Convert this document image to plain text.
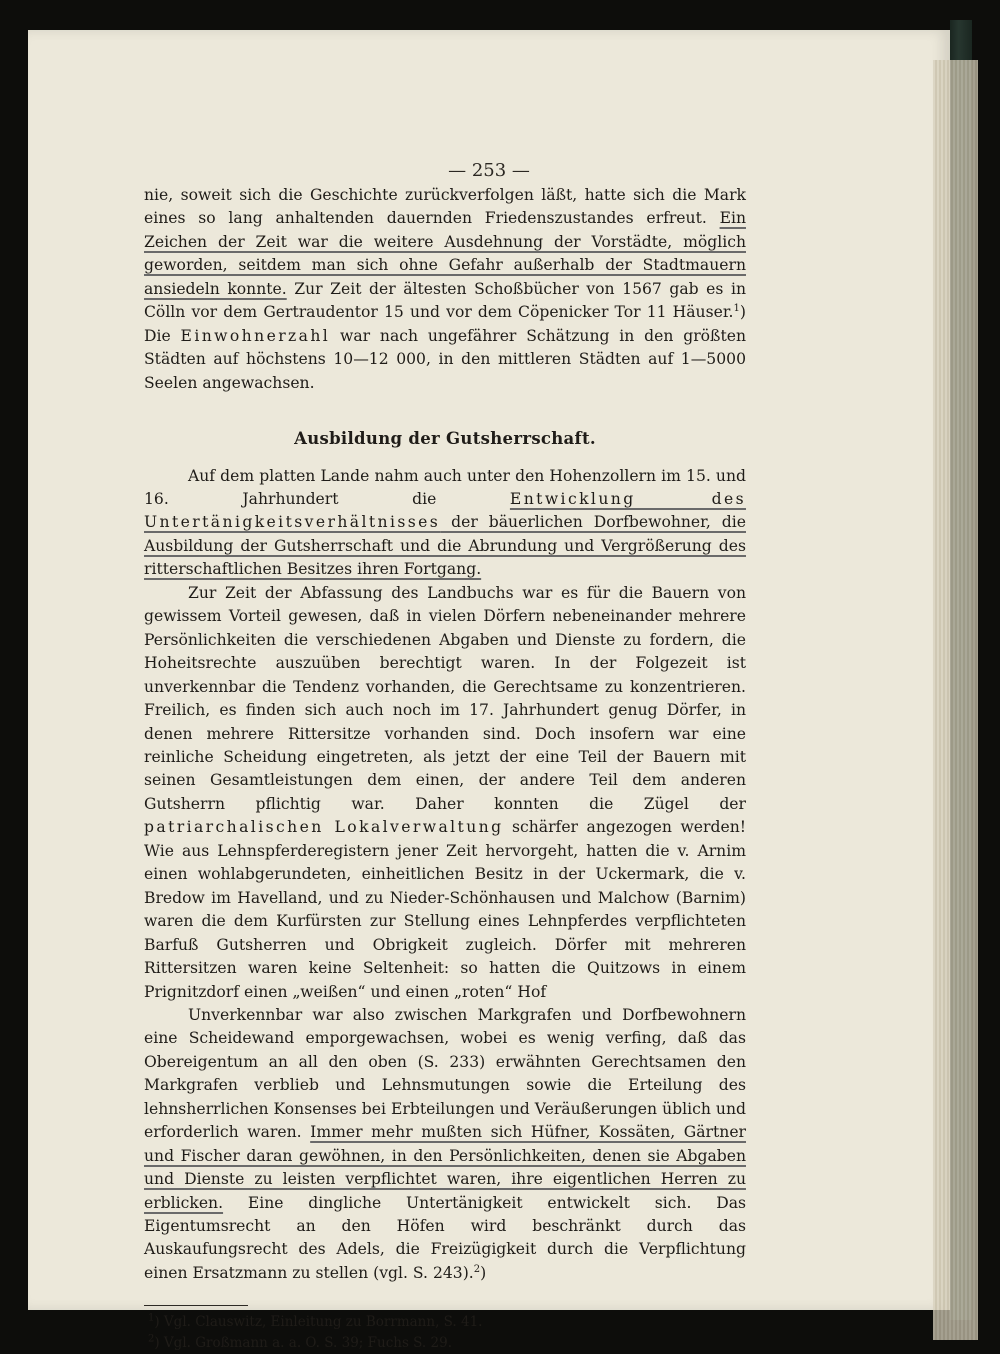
— 253 —

nie, soweit sich die Geschichte zurückverfolgen läßt, hatte sich die Mark eines so lang anhaltenden dauernden Friedenszustandes erfreut. Ein Zeichen der Zeit war die weitere Ausdehnung der Vorstädte, möglich geworden, seitdem man sich ohne Gefahr außerhalb der Stadtmauern ansiedeln konnte. Zur Zeit der ältesten Schoßbücher von 1567 gab es in Cölln vor dem Gertraudentor 15 und vor dem Cöpenicker Tor 11 Häuser.$^1$) Die Einwohnerzahl war nach ungefährer Schätzung in den größten Städten auf höchstens 10—12 000, in den mittleren Städten auf 1—5000 Seelen angewachsen.

Ausbildung der Gutsherrschaft.

Auf dem platten Lande nahm auch unter den Hohenzollern im 15. und 16. Jahrhundert die Entwicklung des Untertänigkeitsverhältnisses der bäuerlichen Dorfbewohner, die Ausbildung der Gutsherrschaft und die Abrundung und Vergrößerung des ritterschaftlichen Besitzes ihren Fortgang.

Zur Zeit der Abfassung des Landbuchs war es für die Bauern von gewissem Vorteil gewesen, daß in vielen Dörfern nebeneinander mehrere Persönlichkeiten die verschiedenen Abgaben und Dienste zu fordern, die Hoheitsrechte auszuüben berechtigt waren. In der Folgezeit ist unverkennbar die Tendenz vorhanden, die Gerechtsame zu konzentrieren. Freilich, es finden sich auch noch im 17. Jahrhundert genug Dörfer, in denen mehrere Rittersitze vorhanden sind. Doch insofern war eine reinliche Scheidung eingetreten, als jetzt der eine Teil der Bauern mit seinen Gesamtleistungen dem einen, der andere Teil dem anderen Gutsherrn pflichtig war. Daher konnten die Zügel der patriarchalischen Lokalverwaltung schärfer angezogen werden! Wie aus Lehnspferderegistern jener Zeit hervorgeht, hatten die v. Arnim einen wohlabgerundeten, einheitlichen Besitz in der Uckermark, die v. Bredow im Havelland, und zu Nieder-Schönhausen und Malchow (Barnim) waren die dem Kurfürsten zur Stellung eines Lehnpferdes verpflichteten Barfuß Gutsherren und Obrigkeit zugleich. Dörfer mit mehreren Rittersitzen waren keine Seltenheit: so hatten die Quitzows in einem Prignitzdorf einen „weißen“ und einen „roten“ Hof

Unverkennbar war also zwischen Markgrafen und Dorfbewohnern eine Scheidewand emporgewachsen, wobei es wenig verfing, daß das Obereigentum an all den oben (S. 233) erwähnten Gerechtsamen den Markgrafen verblieb und Lehnsmutungen sowie die Erteilung des lehnsherrlichen Konsenses bei Erbteilungen und Veräußerungen üblich und erforderlich waren. Immer mehr mußten sich Hüfner, Kossäten, Gärtner und Fischer daran gewöhnen, in den Persönlichkeiten, denen sie Abgaben und Dienste zu leisten verpflichtet waren, ihre eigentlichen Herren zu erblicken. Eine dingliche Untertänigkeit entwickelt sich. Das Eigentumsrecht an den Höfen wird beschränkt durch das Auskaufungsrecht des Adels, die Freizügigkeit durch die Verpflichtung einen Ersatzmann zu stellen (vgl. S. 243).$^2$)

$^1$) Vgl. Clauswitz, Einleitung zu Borrmann, S. 41.
$^2$) Vgl. Großmann a. a. O. S. 39; Fuchs S. 29.
